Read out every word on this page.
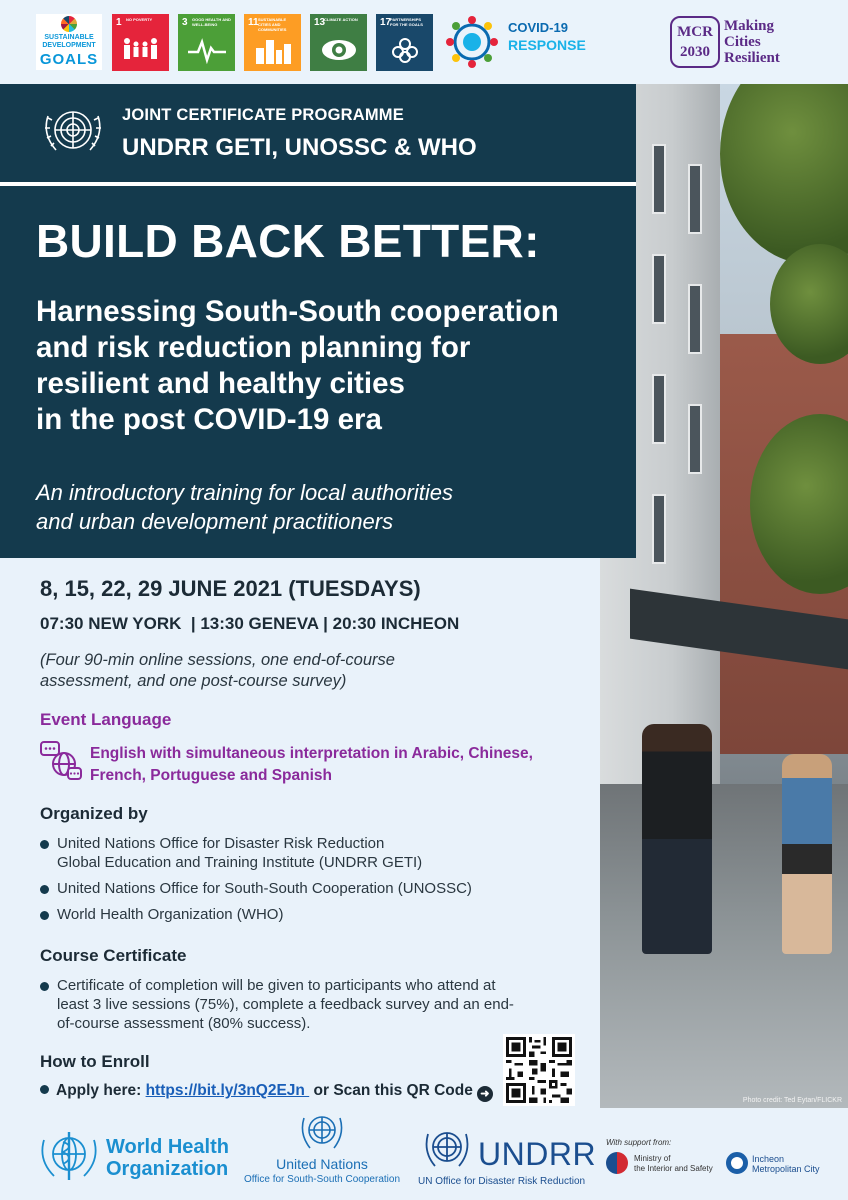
SUSTAINABLE
DEVELOPMENT
GOALS
1 NO POVERTY	3 GOOD HEALTH AND WELL-BEING	11 SUSTAINABLE CITIES AND COMMUNITIES
13
CLIMATE ACTION	17
PARTNERSHIPS FOR THE GOALS	COVID-19
RESPONSE
MCR
2030
Making
Cities
Resilient
Photo credit: Ted Eytan/FLICKR
JOINT CERTIFICATE PROGRAMME
UNDRR GETI, UNOSSC & WHO
BUILD BACK BETTER:
Harnessing South-South cooperation
and risk reduction planning for
resilient and healthy cities
in the post COVID-19 era
An introductory training for local authorities
and urban development practitioners
8, 15, 22, 29 JUNE 2021 (TUESDAYS)
07:30 NEW YORK  | 13:30 GENEVA | 20:30 INCHEON
(Four 90-min online sessions, one end-of-course
assessment, and one post-course survey)
Event Language
English with simultaneous interpretation in Arabic, Chinese,
French, Portuguese and Spanish
Organized by
United Nations Office for Disaster Risk Reduction
Global Education and Training Institute (UNDRR GETI)
United Nations Office for South-South Cooperation (UNOSSC)
World Health Organization (WHO)
Course Certificate
Certificate of completion will be given to participants who attend at
least 3 live sessions (75%), complete a feedback survey and an end-
of-course assessment (80% success).
How to Enroll
Apply here: https://bit.ly/3nQ2EJn  or Scan this QR Code ➜
World Health
Organization	United Nations
Office for South-South Cooperation
UNDRR
UN Office for Disaster Risk Reduction
With support from:
Ministry of
the Interior and Safety
Incheon
Metropolitan City
